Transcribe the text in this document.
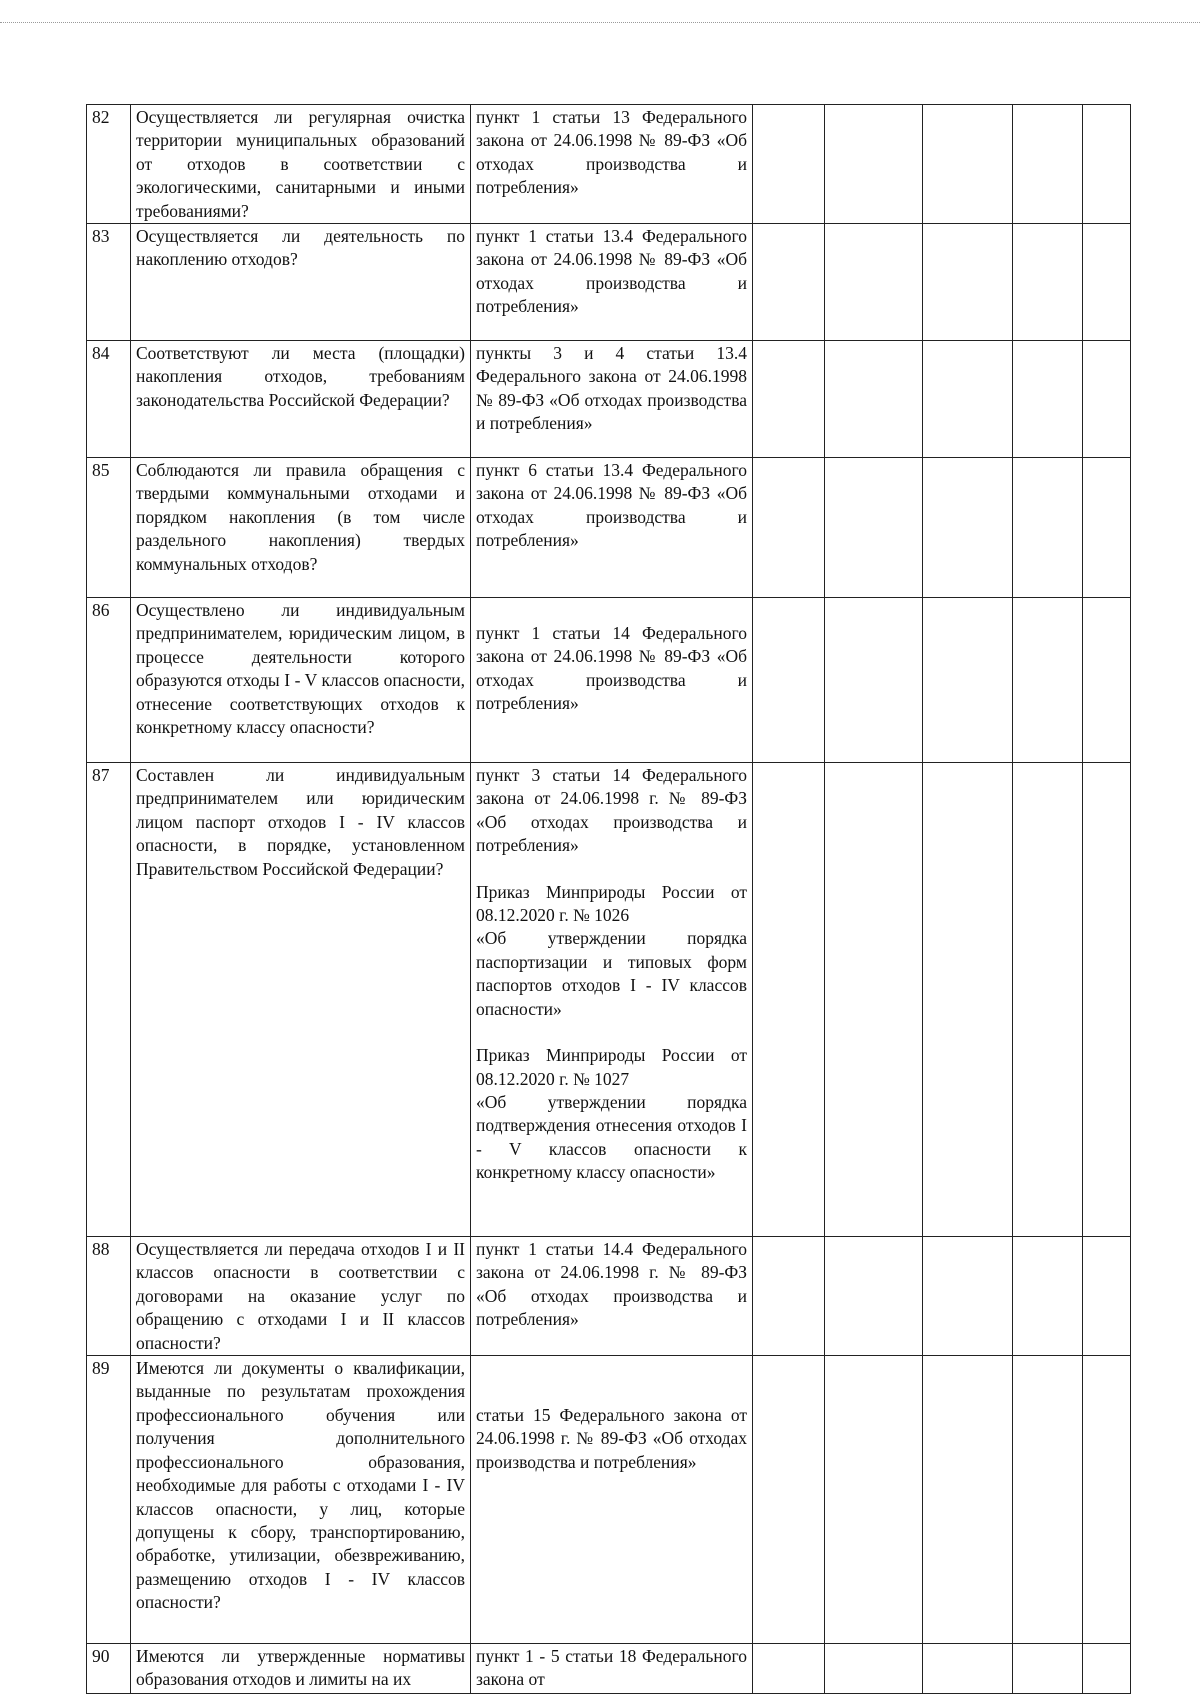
82	Осуществляется ли регулярная очистка территории муниципальных образований от отходов в соответствии с экологическими, санитарными и иными требованиями?	пункт 1 статьи 13 Федерального закона от 24.06.1998 № 89-ФЗ «Об отходах производства и потребления»					

83	Осуществляется ли деятельность по накоплению отходов?	пункт 1 статьи 13.4 Федерального закона от 24.06.1998 № 89-ФЗ «Об отходах производства и потребления»					

84	Соответствуют ли места (площадки) накопления отходов, требованиям законодательства Российской Федерации?	пункты 3 и 4 статьи 13.4 Федерального закона от 24.06.1998 № 89-ФЗ «Об отходах производства и потребления»					

85	Соблюдаются ли правила обращения с твердыми коммунальными отходами и порядком накопления (в том числе раздельного накопления) твердых коммунальных отходов?	пункт 6 статьи 13.4 Федерального закона от 24.06.1998 № 89-ФЗ «Об отходах производства и потребления»					

86	Осуществлено ли индивидуальным предпринимателем, юридическим лицом, в процессе деятельности которого образуются отходы I - V классов опасности, отнесение соответствующих отходов к конкретному классу опасности?	пункт 1 статьи 14 Федерального закона от 24.06.1998 № 89-ФЗ «Об отходах производства и потребления»					

87	Составлен ли индивидуальным предпринимателем или юридическим лицом паспорт отходов I - IV классов опасности, в порядке, установленном Правительством Российской Федерации?	пункт 3 статьи 14 Федерального закона от 24.06.1998 г. № 89-ФЗ «Об отходах производства и потребления»
Приказ Минприроды России от 08.12.2020 г. № 1026
«Об утверждении порядка паспортизации и типовых форм паспортов отходов I - IV классов опасности»
Приказ Минприроды России от 08.12.2020 г. № 1027
«Об утверждении порядка подтверждения отнесения отходов I - V классов опасности к конкретному классу опасности»					

88	Осуществляется ли передача отходов I и II классов опасности в соответствии с договорами на оказание услуг по обращению с отходами I и II классов опасности?	пункт 1 статьи 14.4 Федерального закона от 24.06.1998 г. № 89-ФЗ «Об отходах производства и потребления»					

89	Имеются ли документы о квалификации, выданные по результатам прохождения профессионального обучения или получения дополнительного профессионального образования, необходимые для работы с отходами I - IV классов опасности, у лиц, которые допущены к сбору, транспортированию, обработке, утилизации, обезвреживанию, размещению отходов I - IV классов опасности?	статьи 15 Федерального закона от 24.06.1998 г. № 89-ФЗ «Об отходах производства и потребления»					

90	Имеются ли утвержденные нормативы образования отходов и лимиты на их	пункт 1 - 5 статьи 18 Федерального закона от					
